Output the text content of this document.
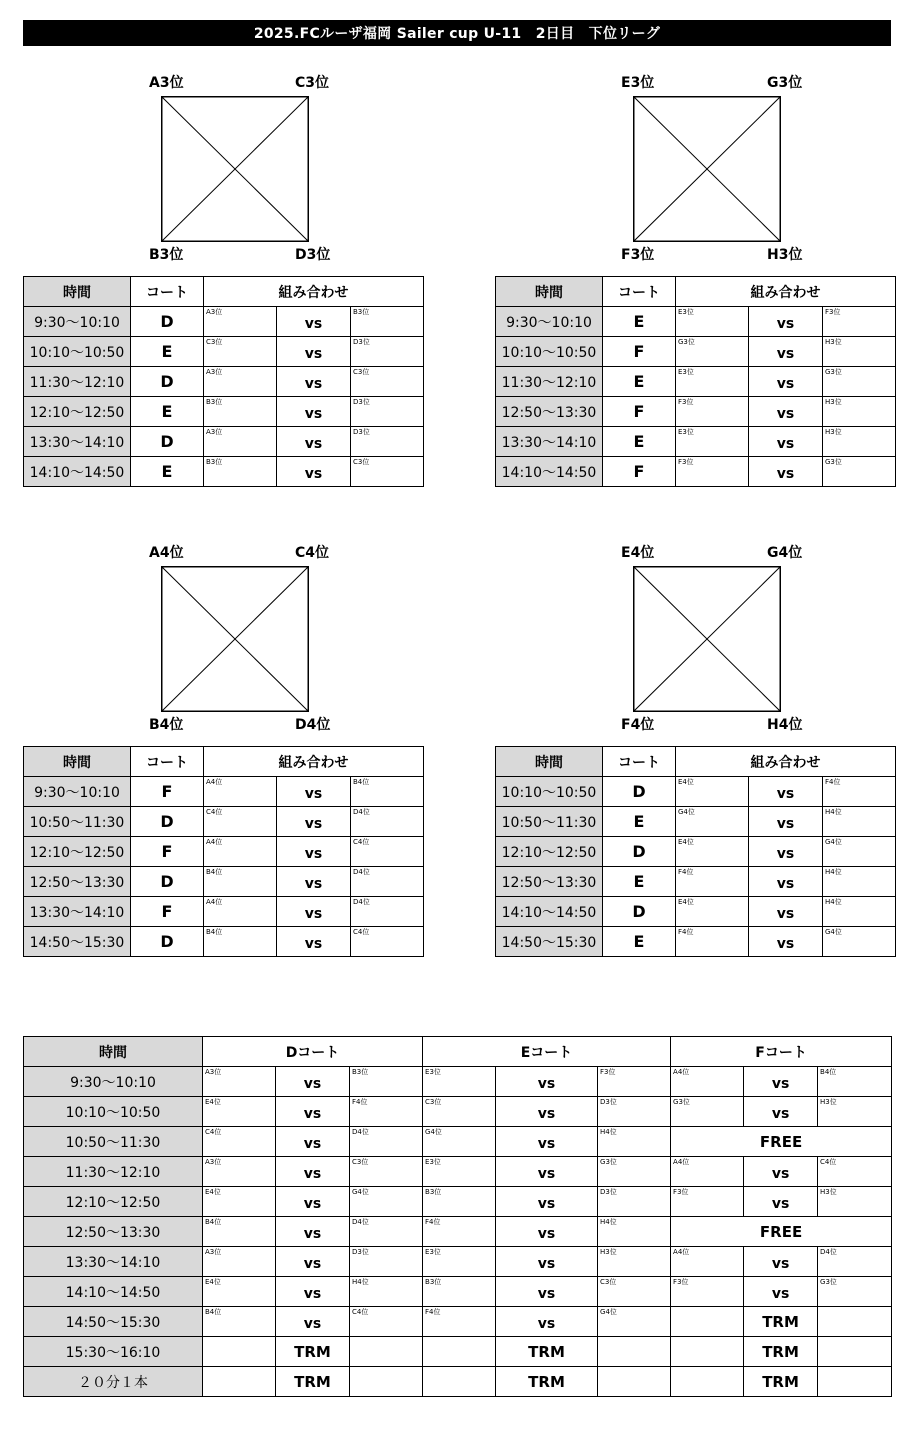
2025.FCルーザ福岡 Sailer cup U-11　2日目　下位リーグ
A3位	C3位
B3位	D3位
時間	コート	組み合わせ		
9:30～10:10	D	A3位	vs	B3位

10:10～10:50	E	C3位	vs	D3位

11:30～12:10	D	A3位	vs	C3位

12:10～12:50	E	B3位	vs	D3位

13:30～14:10	D	A3位	vs	D3位

14:10～14:50	E	B3位	vs	C3位
E3位	G3位
F3位	H3位
時間	コート	組み合わせ		
9:30～10:10	E	E3位	vs	F3位

10:10～10:50	F	G3位	vs	H3位

11:30～12:10	E	E3位	vs	G3位

12:50～13:30	F	F3位	vs	H3位

13:30～14:10	E	E3位	vs	H3位

14:10～14:50	F	F3位	vs	G3位
A4位	C4位
B4位	D4位
時間	コート	組み合わせ		
9:30～10:10	F	A4位	vs	B4位

10:50～11:30	D	C4位	vs	D4位

12:10～12:50	F	A4位	vs	C4位

12:50～13:30	D	B4位	vs	D4位

13:30～14:10	F	A4位	vs	D4位

14:50～15:30	D	B4位	vs	C4位
E4位	G4位
F4位	H4位
時間	コート	組み合わせ		
10:10～10:50	D	E4位	vs	F4位

10:50～11:30	E	G4位	vs	H4位

12:10～12:50	D	E4位	vs	G4位

12:50～13:30	E	F4位	vs	H4位

14:10～14:50	D	E4位	vs	H4位

14:50～15:30	E	F4位	vs	G4位
時間	Dコート			Eコート			Fコート		
9:30～10:10	A3位	vs	B3位	E3位	vs	F3位	A4位	vs	B4位

10:10～10:50	E4位	vs	F4位	C3位	vs	D3位	G3位	vs	H3位

10:50～11:30	C4位	vs	D4位	G4位	vs	H4位	FREE		
11:30～12:10	A3位	vs	C3位	E3位	vs	G3位	A4位	vs	C4位

12:10～12:50	E4位	vs	G4位	B3位	vs	D3位	F3位	vs	H3位

12:50～13:30	B4位	vs	D4位	F4位	vs	H4位	FREE		
13:30～14:10	A3位	vs	D3位	E3位	vs	H3位	A4位	vs	D4位

14:10～14:50	E4位	vs	H4位	B3位	vs	C3位	F3位	vs	G3位

14:50～15:30	B4位	vs	C4位	F4位	vs	G4位		TRM	
15:30～16:10		TRM			TRM			TRM	
２０分１本		TRM			TRM			TRM	
